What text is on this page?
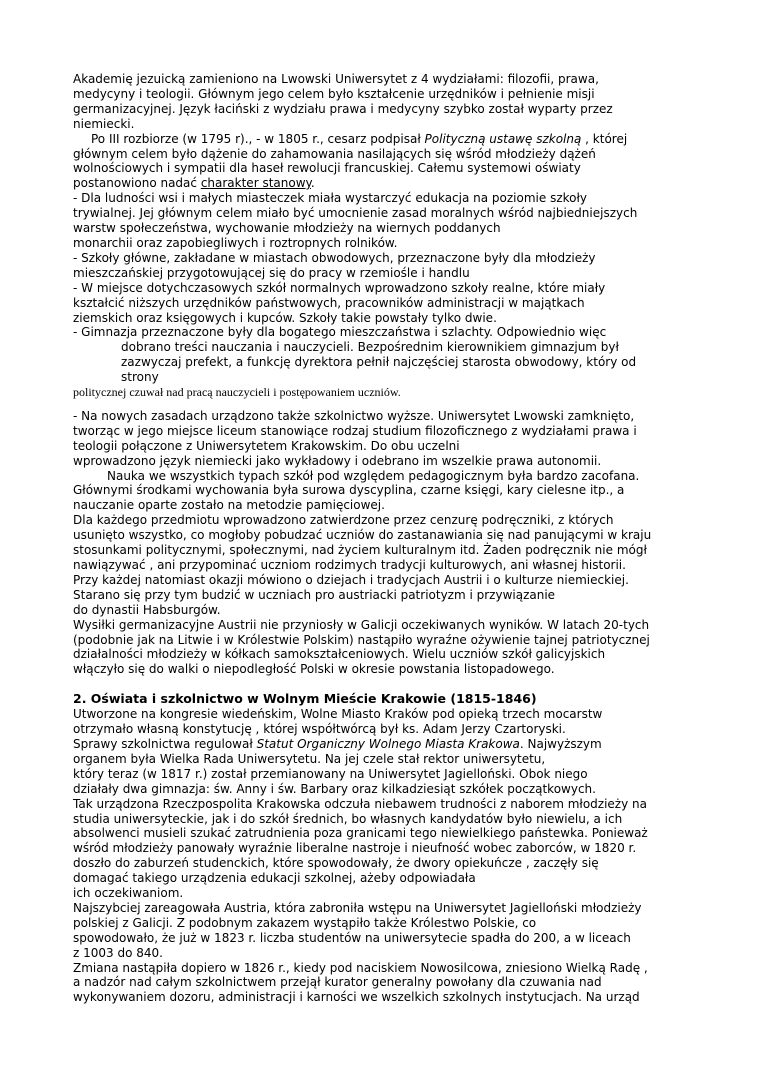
Akademię jezuicką zamieniono na Lwowski Uniwersytet z 4 wydziałami: filozofii, prawa,
medycyny i teologii. Głównym jego celem było kształcenie urzędników i pełnienie misji
germanizacyjnej. Język łaciński z wydziału prawa i medycyny szybko został wyparty przez
niemiecki.
Po III rozbiorze (w 1795 r)., - w 1805 r., cesarz podpisał Polityczną ustawę szkolną , której
głównym celem było dążenie do zahamowania nasilających się wśród młodzieży dążeń
wolnościowych i sympatii dla haseł rewolucji francuskiej. Całemu systemowi oświaty
postanowiono nadać charakter stanowy.
- Dla ludności wsi i małych miasteczek miała wystarczyć edukacja na poziomie szkoły
trywialnej. Jej głównym celem miało być umocnienie zasad moralnych wśród najbiedniejszych
warstw społeczeństwa, wychowanie młodzieży na wiernych poddanych
monarchii oraz zapobiegliwych i roztropnych rolników.
- Szkoły główne, zakładane w miastach obwodowych, przeznaczone były dla młodzieży
mieszczańskiej przygotowującej się do pracy w rzemiośle i handlu
- W miejsce dotychczasowych szkół normalnych wprowadzono szkoły realne, które miały
kształcić niższych urzędników państwowych, pracowników administracji w majątkach
ziemskich oraz księgowych i kupców. Szkoły takie powstały tylko dwie.
- Gimnazja przeznaczone były dla bogatego mieszczaństwa i szlachty. Odpowiednio więc
dobrano treści nauczania i nauczycieli. Bezpośrednim kierownikiem gimnazjum był
zazwyczaj prefekt, a funkcję dyrektora pełnił najczęściej starosta obwodowy, który od
strony
politycznej czuwał nad pracą nauczycieli i postępowaniem uczniów.
- Na nowych zasadach urządzono także szkolnictwo wyższe. Uniwersytet Lwowski zamknięto,
tworząc w jego miejsce liceum stanowiące rodzaj studium filozoficznego z wydziałami prawa i
teologii połączone z Uniwersytetem Krakowskim. Do obu uczelni
wprowadzono język niemiecki jako wykładowy i odebrano im wszelkie prawa autonomii.
Nauka we wszystkich typach szkół pod względem pedagogicznym była bardzo zacofana.
Głównymi środkami wychowania była surowa dyscyplina, czarne księgi, kary cielesne itp., a
nauczanie oparte zostało na metodzie pamięciowej.
Dla każdego przedmiotu wprowadzono zatwierdzone przez cenzurę podręczniki, z których
usunięto wszystko, co mogłoby pobudzać uczniów do zastanawiania się nad panującymi w kraju
stosunkami politycznymi, społecznymi, nad życiem kulturalnym itd. Żaden podręcznik nie mógł
nawiązywać , ani przypominać uczniom rodzimych tradycji kulturowych, ani własnej historii.
Przy każdej natomiast okazji mówiono o dziejach i tradycjach Austrii i o kulturze niemieckiej.
Starano się przy tym budzić w uczniach pro austriacki patriotyzm i przywiązanie
do dynastii Habsburgów.
Wysiłki germanizacyjne Austrii nie przyniosły w Galicji oczekiwanych wyników. W latach 20-tych
(podobnie jak na Litwie i w Królestwie Polskim) nastąpiło wyraźne ożywienie tajnej patriotycznej
działalności młodzieży w kółkach samokształceniowych. Wielu uczniów szkół galicyjskich
włączyło się do walki o niepodległość Polski w okresie powstania listopadowego.
2. Oświata i szkolnictwo w Wolnym Mieście Krakowie (1815-1846)
Utworzone na kongresie wiedeńskim, Wolne Miasto Kraków pod opieką trzech mocarstw
otrzymało własną konstytucję , której współtwórcą był ks. Adam Jerzy Czartoryski.
Sprawy szkolnictwa regulował Statut Organiczny Wolnego Miasta Krakowa. Najwyższym
organem była Wielka Rada Uniwersytetu. Na jej czele stał rektor uniwersytetu,
który teraz (w 1817 r.) został przemianowany na Uniwersytet Jagielloński. Obok niego
działały dwa gimnazja: św. Anny i św. Barbary oraz kilkadziesiąt szkółek początkowych.
Tak urządzona Rzeczpospolita Krakowska odczuła niebawem trudności z naborem młodzieży na
studia uniwersyteckie, jak i do szkół średnich, bo własnych kandydatów było niewielu, a ich
absolwenci musieli szukać zatrudnienia poza granicami tego niewielkiego państewka. Ponieważ
wśród młodzieży panowały wyraźnie liberalne nastroje i nieufność wobec zaborców, w 1820 r.
doszło do zaburzeń studenckich, które spowodowały, że dwory opiekuńcze , zaczęły się
domagać takiego urządzenia edukacji szkolnej, ażeby odpowiadała
ich oczekiwaniom.
Najszybciej zareagowała Austria, która zabroniła wstępu na Uniwersytet Jagielloński młodzieży
polskiej z Galicji. Z podobnym zakazem wystąpiło także Królestwo Polskie, co
spowodowało, że już w 1823 r. liczba studentów na uniwersytecie spadła do 200, a w liceach
z 1003 do 840.
Zmiana nastąpiła dopiero w 1826 r., kiedy pod naciskiem Nowosilcowa, zniesiono Wielką Radę ,
a nadzór nad całym szkolnictwem przejął kurator generalny powołany dla czuwania nad
wykonywaniem dozoru, administracji i karności we wszelkich szkolnych instytucjach. Na urząd
